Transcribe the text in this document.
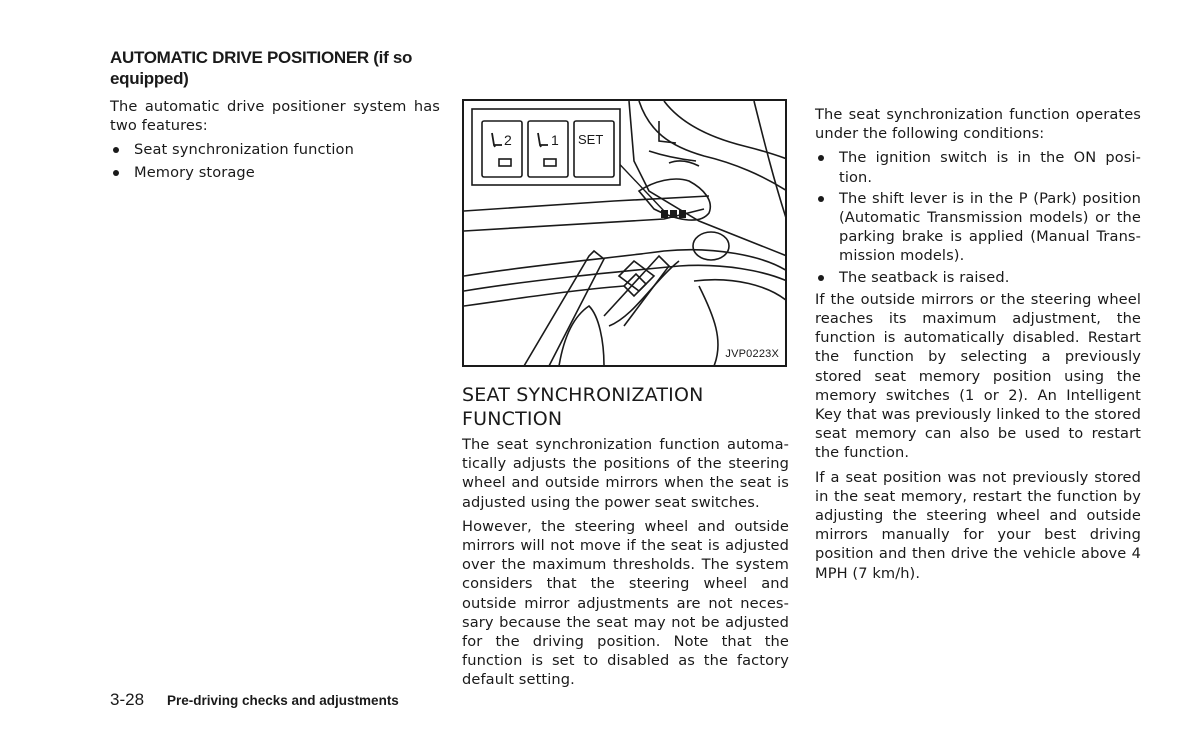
AUTOMATIC DRIVE POSITIONER (if so equipped)

The automatic drive positioner system has two features:

Seat synchronization function
Memory storage
2	1 SET
JVP0223X
SEAT SYNCHRONIZATION FUNCTION

The seat synchronization function automa-tically adjusts the positions of the steering wheel and outside mirrors when the seat is adjusted using the power seat switches.

However, the steering wheel and outside mirrors will not move if the seat is adjusted over the maximum thresholds. The system considers that the steering wheel and outside mirror adjustments are not neces-sary because the seat may not be adjusted for the driving position. Note that the function is set to disabled as the factory default setting.

The seat synchronization function operates under the following conditions:

The ignition switch is in the ON posi-tion.
The shift lever is in the P (Park) position (Automatic Transmission models) or the parking brake is applied (Manual Trans-mission models).
The seatback is raised.

If the outside mirrors or the steering wheel reaches its maximum adjustment, the function is automatically disabled. Restart the function by selecting a previously stored seat memory position using the memory switches (1 or 2). An Intelligent Key that was previously linked to the stored seat memory can also be used to restart the function.

If a seat position was not previously stored in the seat memory, restart the function by adjusting the steering wheel and outside mirrors manually for your best driving position and then drive the vehicle above 4 MPH (7 km/h).

3-28 Pre-driving checks and adjustments
